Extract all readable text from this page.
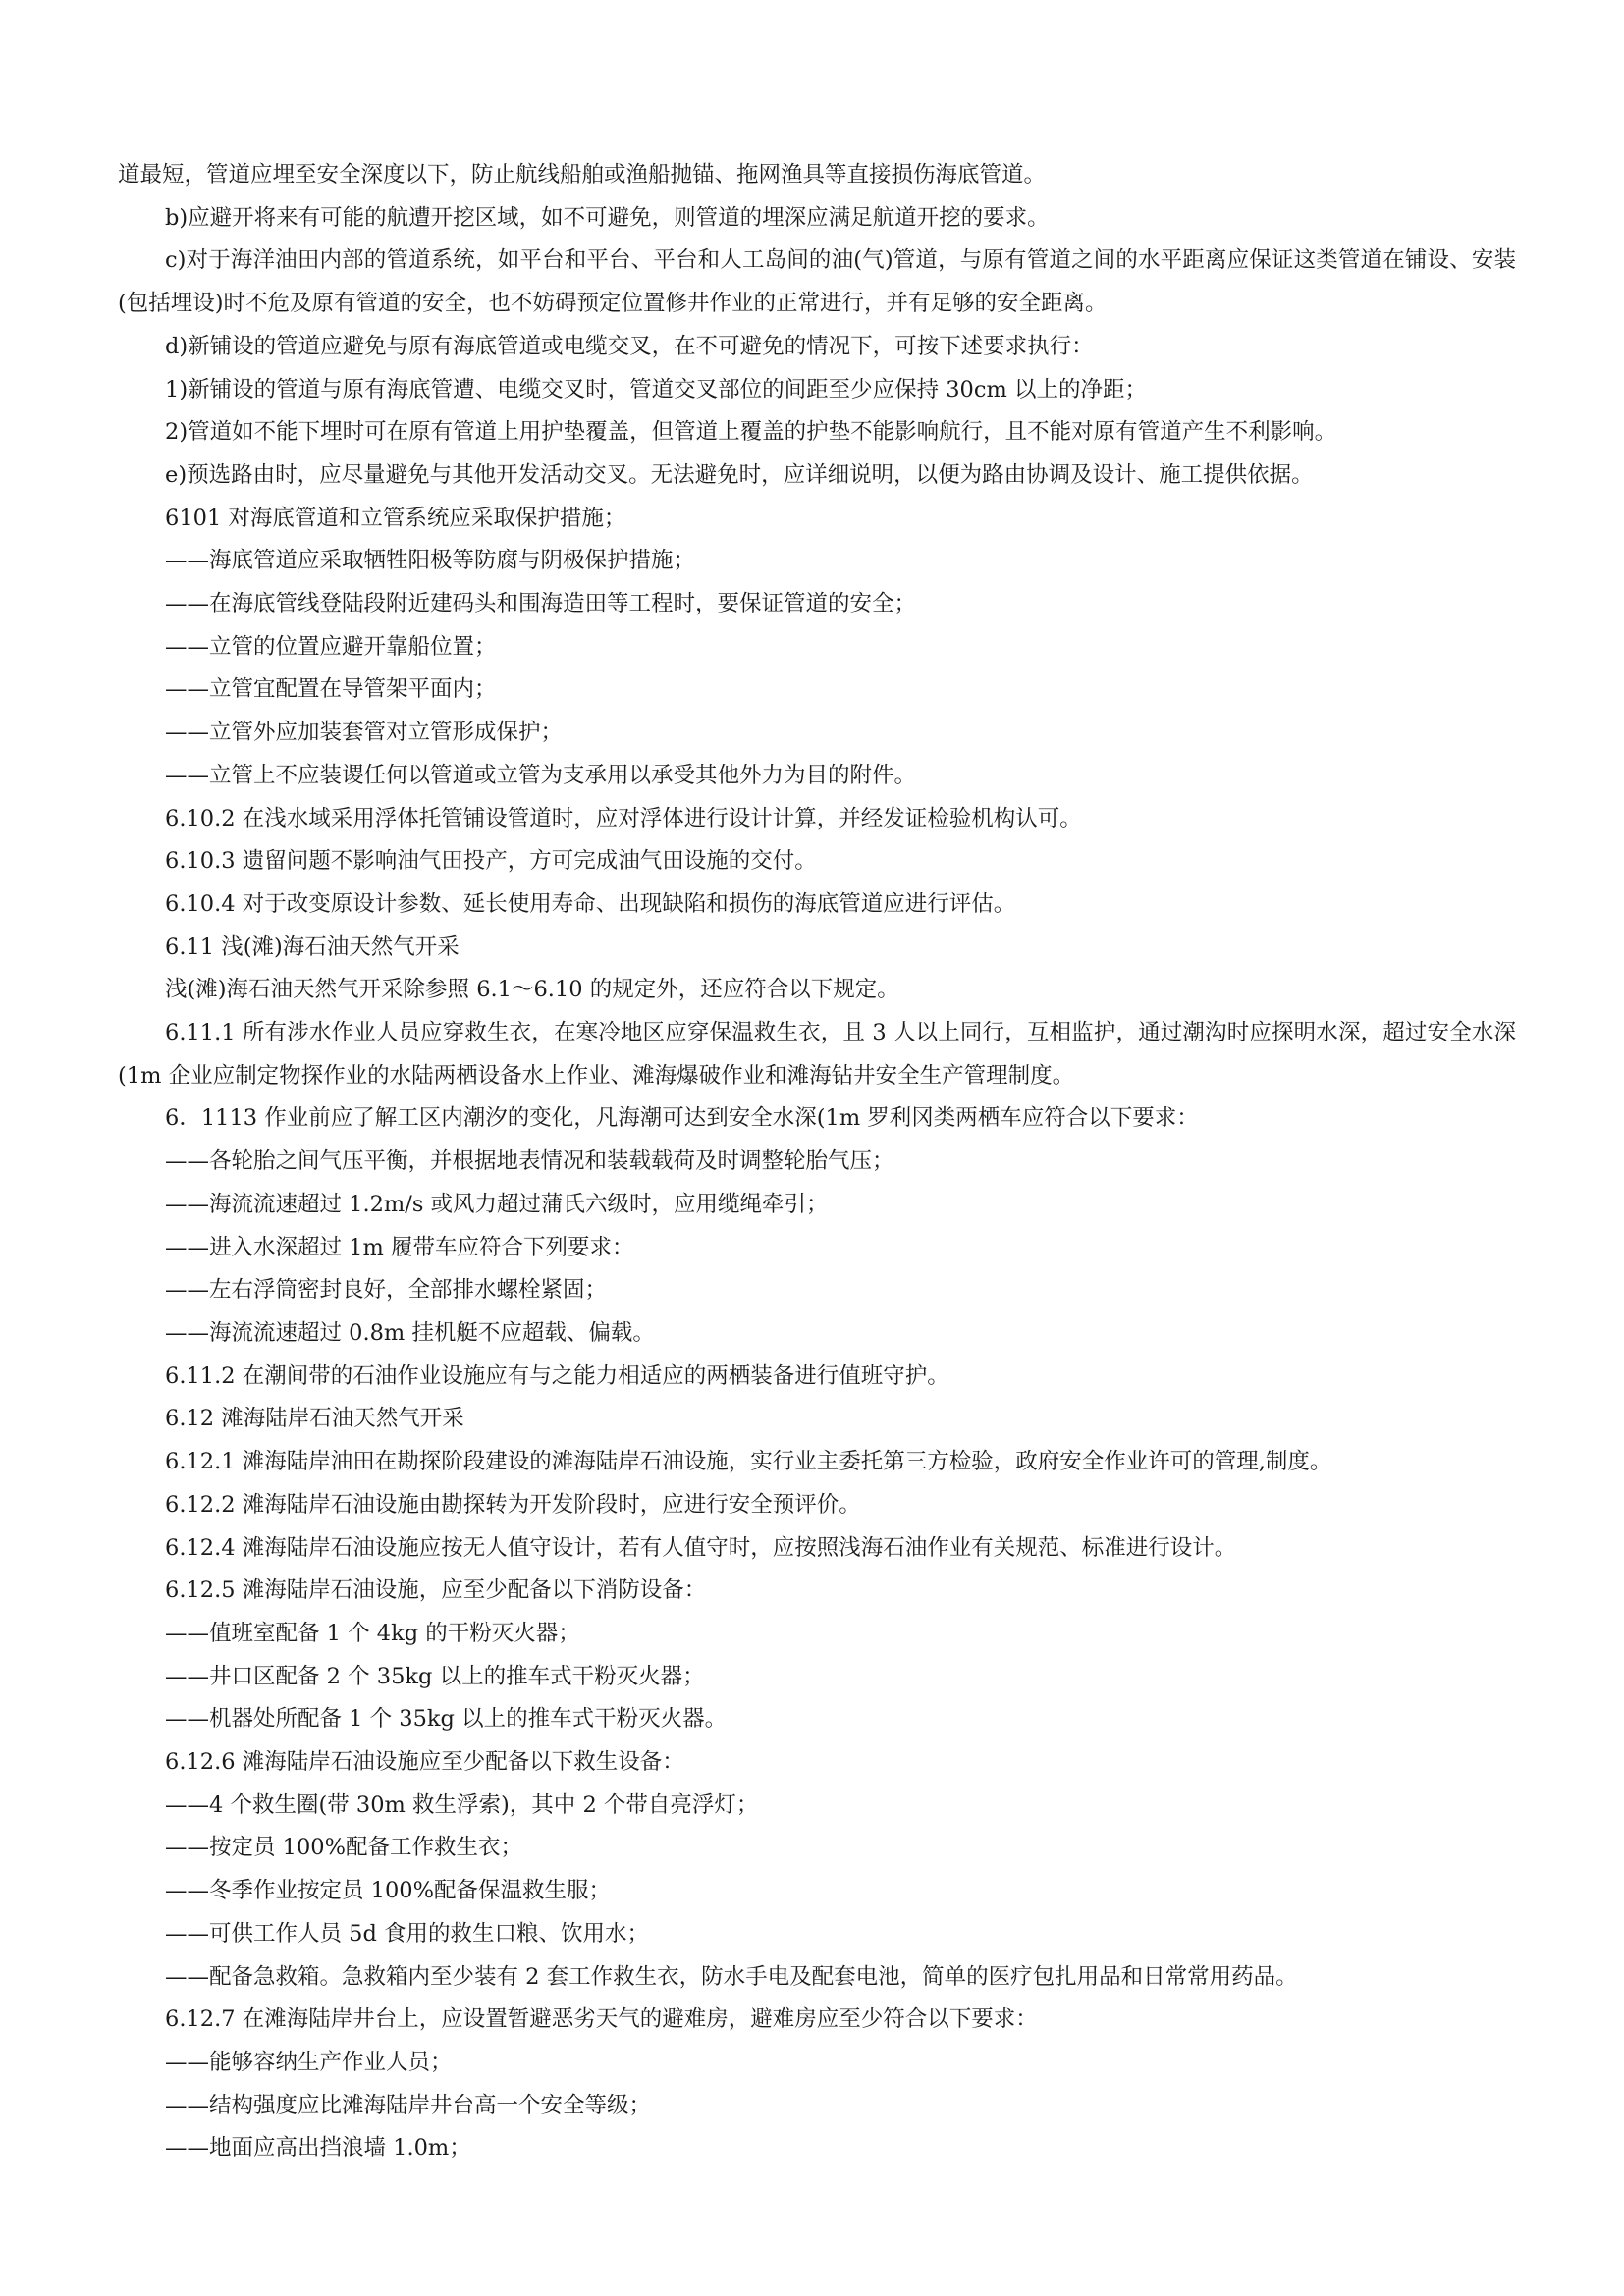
道最短，管道应埋至安全深度以下，防止航线船舶或渔船抛锚、拖网渔具等直接损伤海底管道。

b)应避开将来有可能的航遭开挖区域，如不可避免，则管道的埋深应满足航道开挖的要求。

c)对于海洋油田内部的管道系统，如平台和平台、平台和人工岛间的油(气)管道，与原有管道之间的水平距离应保证这类管道在铺设、安装(包括埋设)时不危及原有管道的安全，也不妨碍预定位置修井作业的正常进行，并有足够的安全距离。

d)新铺设的管道应避免与原有海底管道或电缆交叉，在不可避免的情况下，可按下述要求执行：

1)新铺设的管道与原有海底管遭、电缆交叉时，管道交叉部位的间距至少应保持 30cm 以上的净距；

2)管道如不能下埋时可在原有管道上用护垫覆盖，但管道上覆盖的护垫不能影响航行，且不能对原有管道产生不利影响。

e)预选路由时，应尽量避免与其他开发活动交叉。无法避免时，应详细说明，以便为路由协调及设计、施工提供依据。

6101 对海底管道和立管系统应采取保护措施；

——海底管道应采取牺牲阳极等防腐与阴极保护措施；

——在海底管线登陆段附近建码头和围海造田等工程时，要保证管道的安全；

——立管的位置应避开靠船位置；

——立管宜配置在导管架平面内；

——立管外应加装套管对立管形成保护；

——立管上不应装谡任何以管道或立管为支承用以承受其他外力为目的附件。

6.10.2 在浅水域采用浮体托管铺设管道时，应对浮体进行设计计算，并经发证检验机构认可。

6.10.3 遗留问题不影响油气田投产，方可完成油气田设施的交付。

6.10.4 对于改变原设计参数、延长使用寿命、出现缺陷和损伤的海底管道应进行评估。

6.11 浅(滩)海石油天然气开采

浅(滩)海石油天然气开采除参照 6.1～6.10 的规定外，还应符合以下规定。

6.11.1 所有涉水作业人员应穿救生衣，在寒冷地区应穿保温救生衣，且 3 人以上同行，互相监护，通过潮沟时应探明水深，超过安全水深(1m 企业应制定物探作业的水陆两栖设备水上作业、滩海爆破作业和滩海钻井安全生产管理制度。

6．1113 作业前应了解工区内潮汐的变化，凡海潮可达到安全水深(1m 罗利冈类两栖车应符合以下要求：

——各轮胎之间气压平衡，并根据地表情况和装载载荷及时调整轮胎气压；

——海流流速超过 1.2m/s 或风力超过蒲氏六级时，应用缆绳牵引；

——进入水深超过 1m 履带车应符合下列要求：

——左右浮筒密封良好，全部排水螺栓紧固；

——海流流速超过 0.8m 挂机艇不应超载、偏载。

6.11.2 在潮间带的石油作业设施应有与之能力相适应的两栖装备进行值班守护。

6.12 滩海陆岸石油天然气开采

6.12.1 滩海陆岸油田在勘探阶段建设的滩海陆岸石油设施，实行业主委托第三方检验，政府安全作业许可的管理,制度。

6.12.2 滩海陆岸石油设施由勘探转为开发阶段时，应进行安全预评价。

6.12.4 滩海陆岸石油设施应按无人值守设计，若有人值守时，应按照浅海石油作业有关规范、标准进行设计。

6.12.5 滩海陆岸石油设施，应至少配备以下消防设备：

——值班室配备 1 个 4kg 的干粉灭火器；

——井口区配备 2 个 35kg 以上的推车式干粉灭火器；

——机器处所配备 1 个 35kg 以上的推车式干粉灭火器。

6.12.6 滩海陆岸石油设施应至少配备以下救生设备：

——4 个救生圈(带 30m 救生浮索)，其中 2 个带自亮浮灯；

——按定员 100%配备工作救生衣；

——冬季作业按定员 100%配备保温救生服；

——可供工作人员 5d 食用的救生口粮、饮用水；

——配备急救箱。急救箱内至少装有 2 套工作救生衣，防水手电及配套电池，简单的医疗包扎用品和日常常用药品。

6.12.7 在滩海陆岸井台上，应设置暂避恶劣天气的避难房，避难房应至少符合以下要求：

——能够容纳生产作业人员；

——结构强度应比滩海陆岸井台高一个安全等级；

——地面应高出挡浪墙 1.0m；
